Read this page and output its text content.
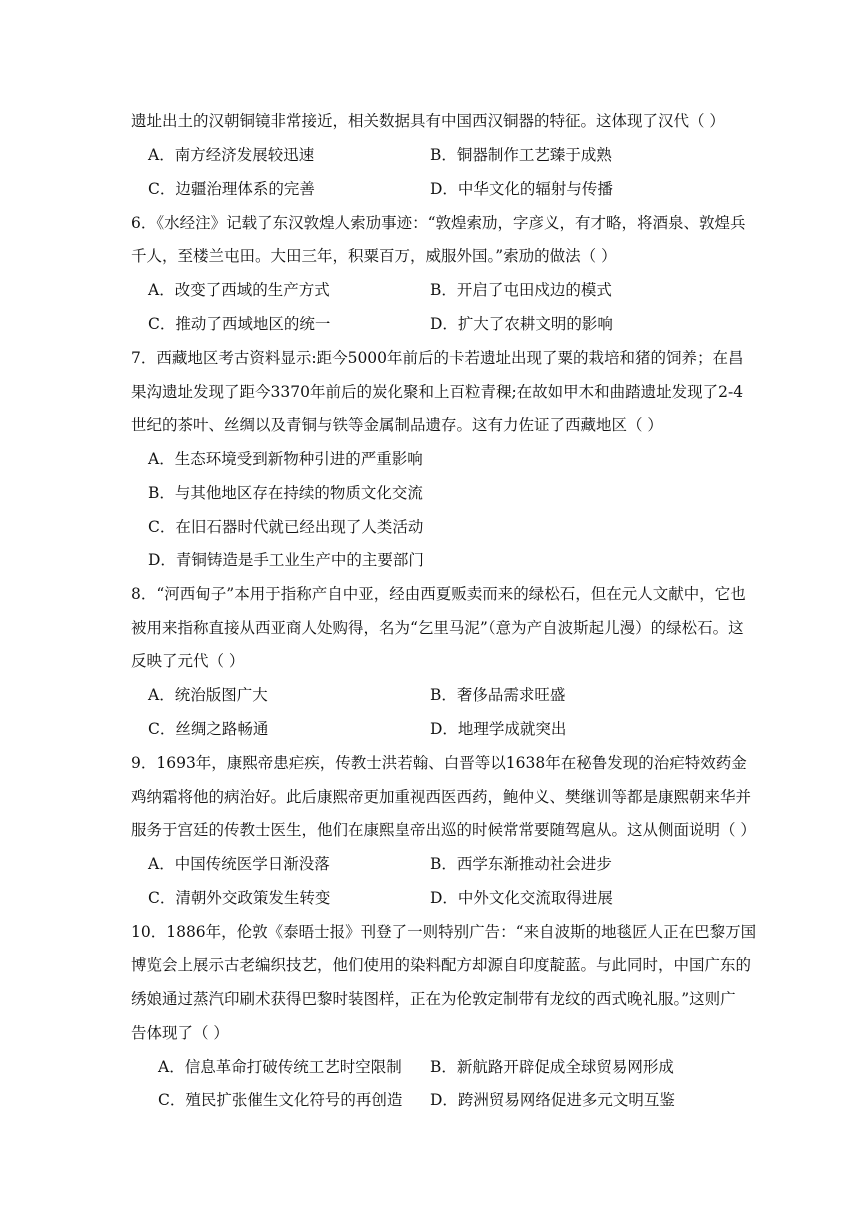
遗址出土的汉朝铜镜非常接近，相关数据具有中国西汉铜器的特征。这体现了汉代（ ）
A．南方经济发展较迅速	B．铜器制作工艺臻于成熟
C．边疆治理体系的完善	D．中华文化的辐射与传播
6．《水经注》记载了东汉敦煌人索劢事迹：“敦煌索劢，字彦义，有才略，将酒泉、敦煌兵
千人，至楼兰屯田。大田三年，积粟百万，威服外国。”索劢的做法（ ）
A．改变了西域的生产方式	B．开启了屯田戍边的模式
C．推动了西域地区的统一	D．扩大了农耕文明的影响
7．西藏地区考古资料显示:距今5000年前后的卡若遗址出现了粟的栽培和猪的饲养；在昌
果沟遗址发现了距今3370年前后的炭化聚和上百粒青稞;在故如甲木和曲踏遗址发现了2-4
世纪的茶叶、丝绸以及青铜与铁等金属制品遗存。这有力佐证了西藏地区（ ）
A．生态环境受到新物种引进的严重影响
B．与其他地区存在持续的物质文化交流
C．在旧石器时代就已经出现了人类活动
D．青铜铸造是手工业生产中的主要部门
8．“河西甸子”本用于指称产自中亚，经由西夏贩卖而来的绿松石，但在元人文献中，它也
被用来指称直接从西亚商人处购得，名为“乞里马泥”（意为产自波斯起儿漫）的绿松石。这
反映了元代（ ）
A．统治版图广大	B．奢侈品需求旺盛
C．丝绸之路畅通	D．地理学成就突出
9．1693年，康熙帝患疟疾，传教士洪若翰、白晋等以1638年在秘鲁发现的治疟特效药金
鸡纳霜将他的病治好。此后康熙帝更加重视西医西药，鲍仲义、樊继训等都是康熙朝来华并
服务于宫廷的传教士医生，他们在康熙皇帝出巡的时候常常要随驾扈从。这从侧面说明（ ）
A．中国传统医学日渐没落	B．西学东渐推动社会进步
C．清朝外交政策发生转变	D．中外文化交流取得进展
10．1886年，伦敦《泰晤士报》刊登了一则特别广告：“来自波斯的地毯匠人正在巴黎万国
博览会上展示古老编织技艺，他们使用的染料配方却源自印度靛蓝。与此同时，中国广东的
绣娘通过蒸汽印刷术获得巴黎时装图样，正在为伦敦定制带有龙纹的西式晚礼服。”这则广
告体现了（ ）
A．信息革命打破传统工艺时空限制 B．新航路开辟促成全球贸易网形成
C．殖民扩张催生文化符号的再创造 D．跨洲贸易网络促进多元文明互鉴
